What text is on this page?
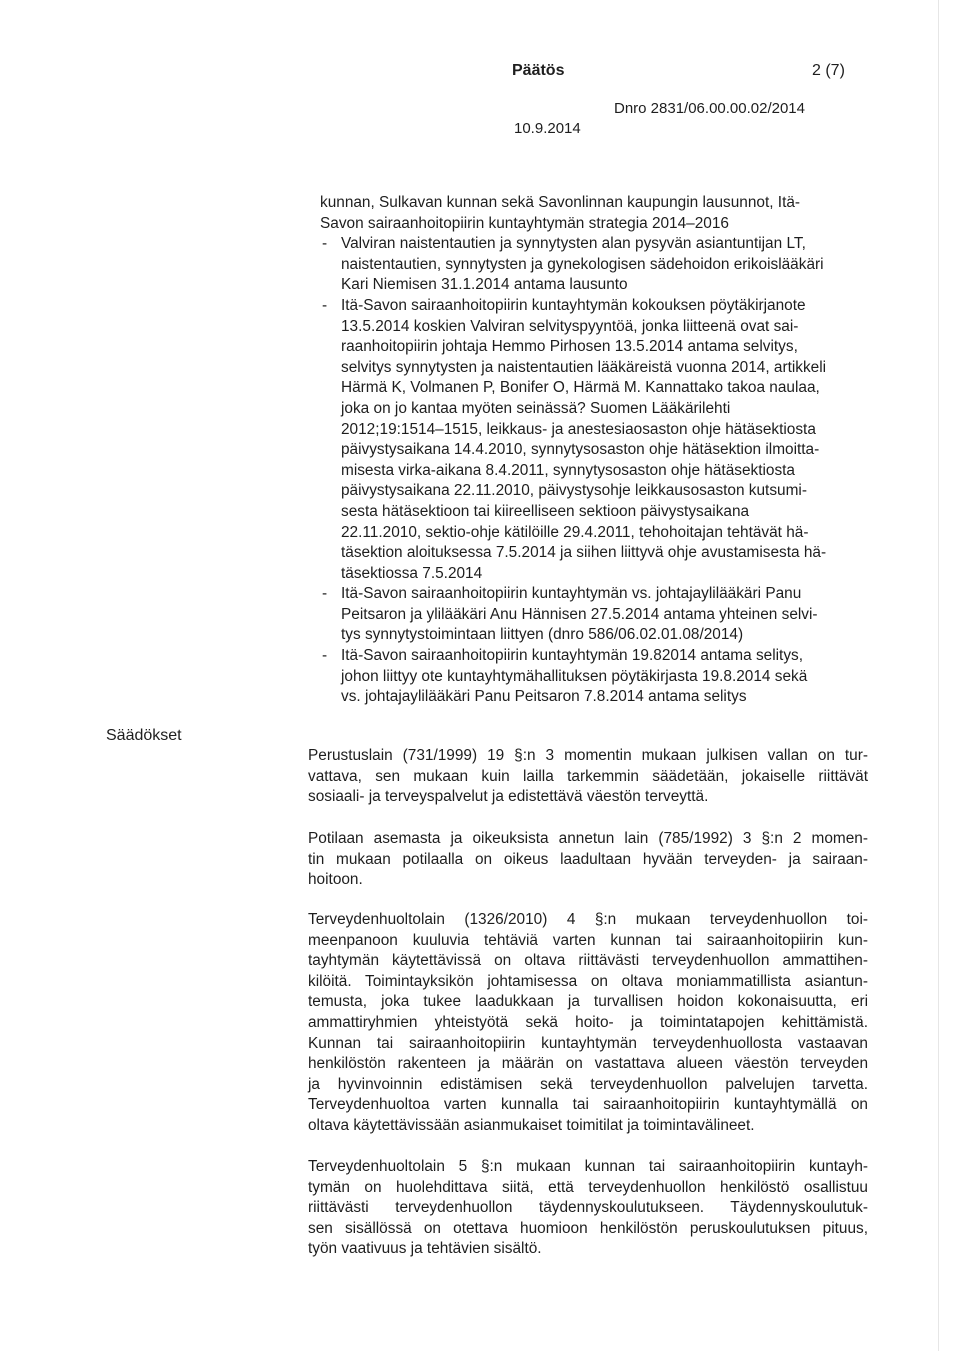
Päätös	2 (7)
Dnro 2831/06.00.00.02/2014
10.9.2014
kunnan, Sulkavan kunnan sekä Savonlinnan kaupungin lausunnot, Itä-
Savon sairaanhoitopiirin kuntayhtymän strategia 2014–2016
- Valviran naistentautien ja synnytysten alan pysyvän asiantuntijan LT,
naistentautien, synnytysten ja gynekologisen sädehoidon erikoislääkäri
Kari Niemisen 31.1.2014 antama lausunto
- Itä-Savon sairaanhoitopiirin kuntayhtymän kokouksen pöytäkirjanote
13.5.2014 koskien Valviran selvityspyyntöä, jonka liitteenä ovat sai-
raanhoitopiirin johtaja Hemmo Pirhosen 13.5.2014 antama selvitys,
selvitys synnytysten ja naistentautien lääkäreistä vuonna 2014, artikkeli
Härmä K, Volmanen P, Bonifer O, Härmä M. Kannattako takoa naulaa,
joka on jo kantaa myöten seinässä? Suomen Lääkärilehti
2012;19:1514–1515, leikkaus- ja anestesiaosaston ohje hätäsektiosta
päivystysaikana 14.4.2010, synnytysosaston ohje hätäsektion ilmoitta-
misesta virka-aikana 8.4.2011, synnytysosaston ohje hätäsektiosta
päivystysaikana 22.11.2010, päivystysohje leikkausosaston kutsumi-
sesta hätäsektioon tai kiireelliseen sektioon päivystysaikana
22.11.2010, sektio-ohje kätilöille 29.4.2011, tehohoitajan tehtävät hä-
täsektion aloituksessa 7.5.2014 ja siihen liittyvä ohje avustamisesta hä-
täsektiossa 7.5.2014
- Itä-Savon sairaanhoitopiirin kuntayhtymän vs. johtajaylilääkäri Panu
Peitsaron ja ylilääkäri Anu Hännisen 27.5.2014 antama yhteinen selvi-
tys synnytystoimintaan liittyen (dnro 586/06.02.01.08/2014)
- Itä-Savon sairaanhoitopiirin kuntayhtymän 19.82014 antama selitys,
johon liittyy ote kuntayhtymähallituksen pöytäkirjasta 19.8.2014 sekä
vs. johtajaylilääkäri Panu Peitsaron 7.8.2014 antama selitys
Säädökset
Perustuslain (731/1999) 19 §:n 3 momentin mukaan julkisen vallan on tur-
vattava, sen mukaan kuin lailla tarkemmin säädetään, jokaiselle riittävät
sosiaali- ja terveyspalvelut ja edistettävä väestön terveyttä.
Potilaan asemasta ja oikeuksista annetun lain (785/1992) 3 §:n 2 momen-
tin mukaan potilaalla on oikeus laadultaan hyvään terveyden- ja sairaan-
hoitoon.
Terveydenhuoltolain (1326/2010) 4 §:n mukaan terveydenhuollon toi-
meenpanoon kuuluvia tehtäviä varten kunnan tai sairaanhoitopiirin kun-
tayhtymän käytettävissä on oltava riittävästi terveydenhuollon ammattihen-
kilöitä. Toimintayksikön johtamisessa on oltava moniammatillista asiantun-
temusta, joka tukee laadukkaan ja turvallisen hoidon kokonaisuutta, eri
ammattiryhmien yhteistyötä sekä hoito- ja toimintatapojen kehittämistä.
Kunnan tai sairaanhoitopiirin kuntayhtymän terveydenhuollosta vastaavan
henkilöstön rakenteen ja määrän on vastattava alueen väestön terveyden
ja hyvinvoinnin edistämisen sekä terveydenhuollon palvelujen tarvetta.
Terveydenhuoltoa varten kunnalla tai sairaanhoitopiirin kuntayhtymällä on
oltava käytettävissään asianmukaiset toimitilat ja toimintavälineet.
Terveydenhuoltolain 5 §:n mukaan kunnan tai sairaanhoitopiirin kuntayh-
tymän on huolehdittava siitä, että terveydenhuollon henkilöstö osallistuu
riittävästi terveydenhuollon täydennyskoulutukseen. Täydennyskoulutuk-
sen sisällössä on otettava huomioon henkilöstön peruskoulutuksen pituus,
työn vaativuus ja tehtävien sisältö.
